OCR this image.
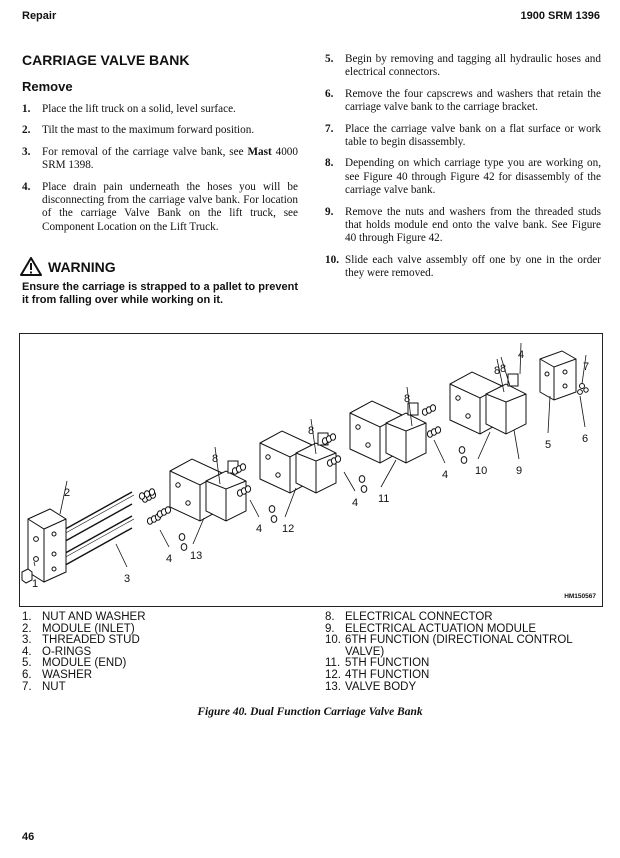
Repair	1900 SRM 1396
CARRIAGE VALVE BANK
Remove
1.	Place the lift truck on a solid, level surface.
2.	Tilt the mast to the maximum forward position.
3.	For removal of the carriage valve bank, see Mast 4000 SRM 1398.
4.	Place drain pain underneath the hoses you will be disconnecting from the carriage valve bank. For location of the carriage Valve Bank on the lift truck, see Component Location on the Lift Truck.
WARNING
Ensure the carriage is strapped to a pallet to prevent it from falling over while working on it.
5.	Begin by removing and tagging all hydraulic hoses and electrical connectors.
6.	Remove the four capscrews and washers that retain the carriage valve bank to the carriage bracket.
7.	Place the carriage valve bank on a flat surface or work table to begin disassembly.
8.	Depending on which carriage type you are working on, see Figure 40 through Figure 42 for disassembly of the carriage valve bank.
9.	Remove the nuts and washers from the threaded studs that holds module end onto the valve bank. See Figure 40 through Figure 42.
10. Slide each valve assembly off one by one in the order they were removed.
1
2
3
4
4
4
4
4
5	6
7
8
8
8
8 8
9
10
11
12
13
HM150567
1. NUT AND WASHER
2. MODULE (INLET)
3. THREADED STUD
4. O-RINGS
5. MODULE (END)
6. WASHER
7. NUT
8. ELECTRICAL CONNECTOR
9. ELECTRICAL ACTUATION MODULE
10. 6TH FUNCTION (DIRECTIONAL CONTROL VALVE)
11. 5TH FUNCTION
12. 4TH FUNCTION
13. VALVE BODY
Figure 40. Dual Function Carriage Valve Bank
46
